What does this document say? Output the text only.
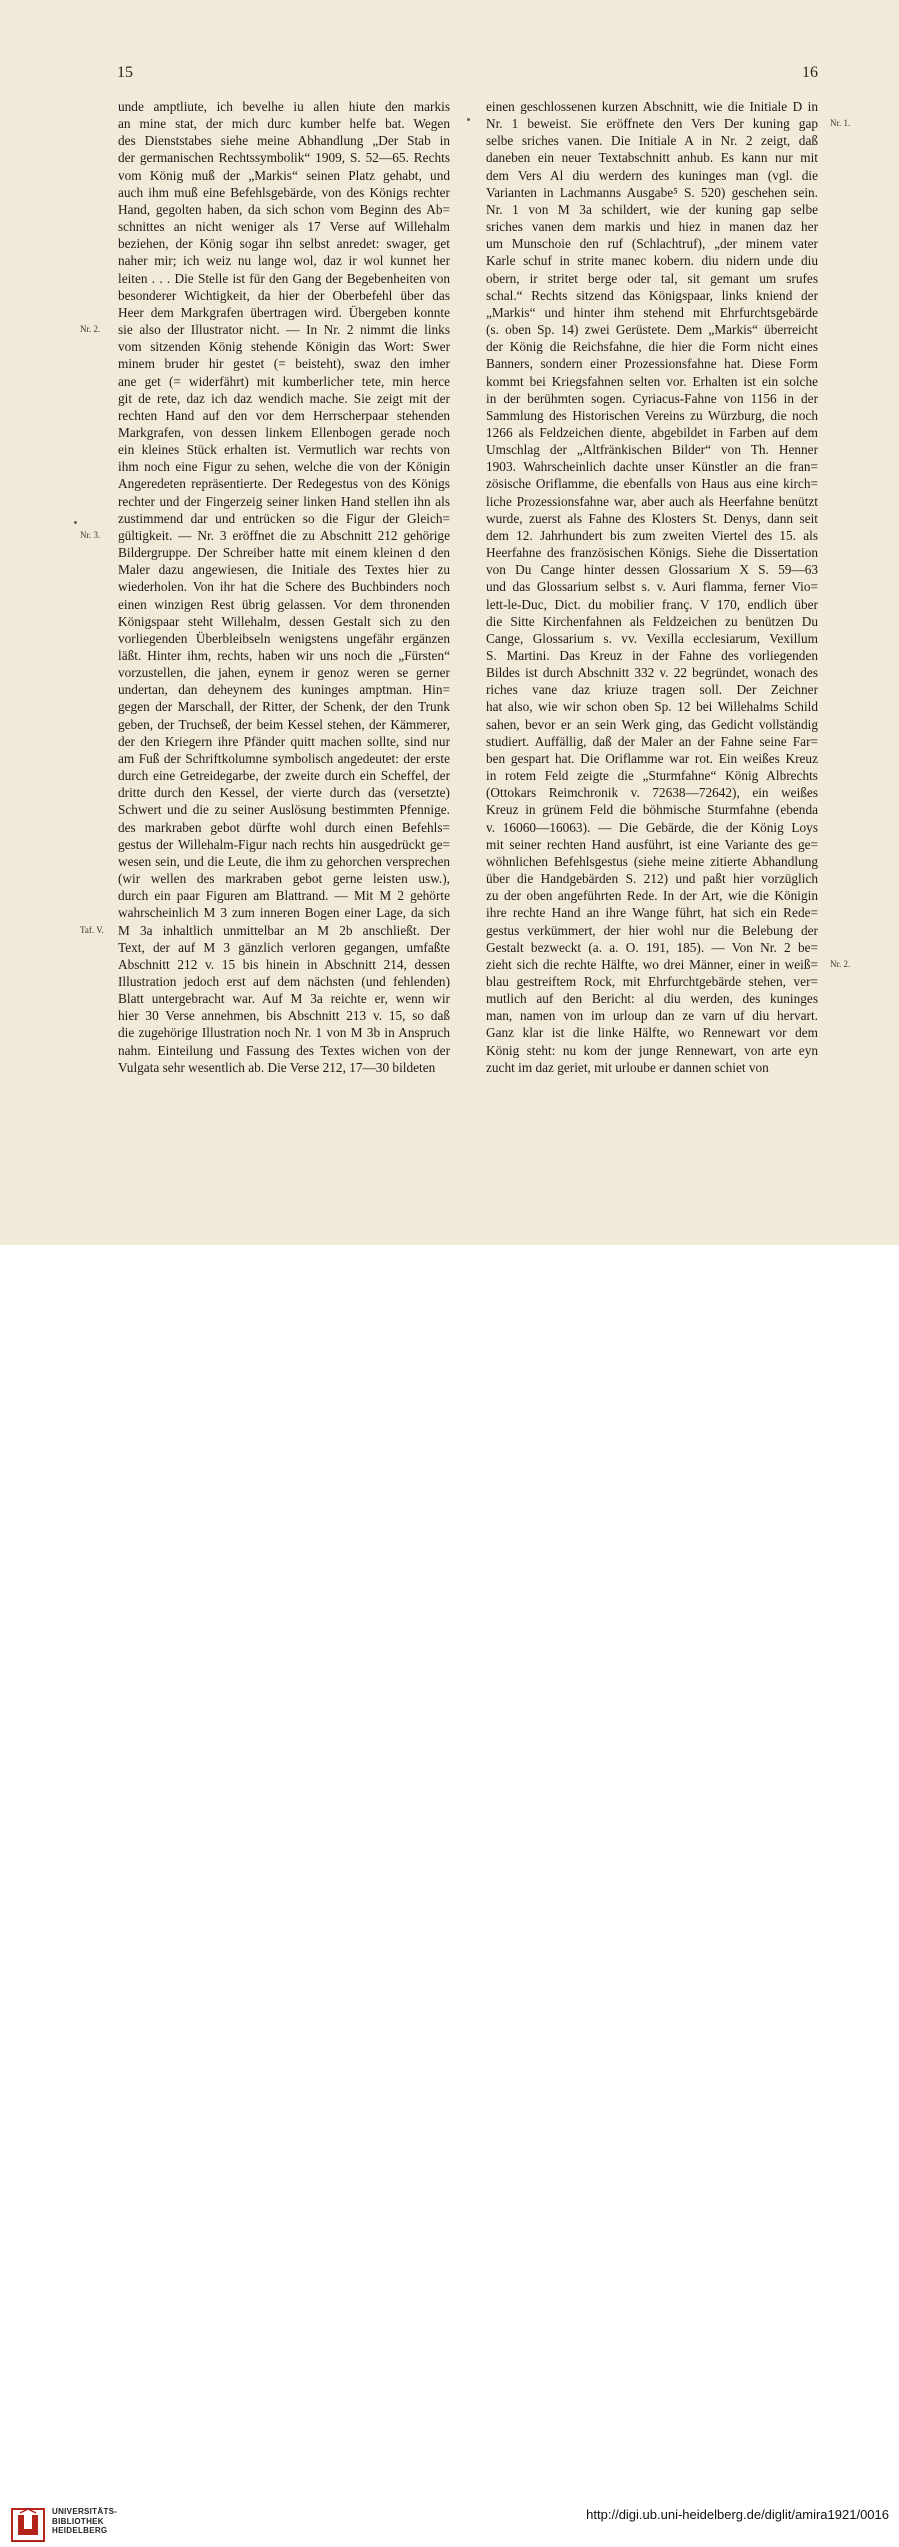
15	16
unde amptliute, ich bevelhe iu allen hiute den markis
an mine stat, der mich durc kumber helfe bat. Wegen
des Dienststabes siehe meine Abhandlung „Der Stab in
der germanischen Rechtssymbolik“ 1909, S. 52—65. Rechts
vom König muß der „Markis“ seinen Platz gehabt, und
auch ihm muß eine Befehlsgebärde, von des Königs rechter
Hand, gegolten haben, da sich schon vom Beginn des Ab=
schnittes an nicht weniger als 17 Verse auf Willehalm
beziehen, der König sogar ihn selbst anredet: swager, get
naher mir; ich weiz nu lange wol, daz ir wol kunnet her
leiten . . . Die Stelle ist für den Gang der Begebenheiten von
besonderer Wichtigkeit, da hier der Oberbefehl über das
Heer dem Markgrafen übertragen wird. Übergeben konnte
sie also der Illustrator nicht. — In Nr. 2 nimmt die links
vom sitzenden König stehende Königin das Wort: Swer
minem bruder hir gestet (= beisteht), swaz den imher
ane get (= widerfährt) mit kumberlicher tete, min herce
git de rete, daz ich daz wendich mache. Sie zeigt mit der
rechten Hand auf den vor dem Herrscherpaar stehenden
Markgrafen, von dessen linkem Ellenbogen gerade noch
ein kleines Stück erhalten ist. Vermutlich war rechts von
ihm noch eine Figur zu sehen, welche die von der Königin
Angeredeten repräsentierte. Der Redegestus von des Königs
rechter und der Fingerzeig seiner linken Hand stellen ihn als
zustimmend dar und entrücken so die Figur der Gleich=
gültigkeit. — Nr. 3 eröffnet die zu Abschnitt 212 gehörige
Bildergruppe. Der Schreiber hatte mit einem kleinen d den
Maler dazu angewiesen, die Initiale des Textes hier zu
wiederholen. Von ihr hat die Schere des Buchbinders noch
einen winzigen Rest übrig gelassen. Vor dem thronenden
Königspaar steht Willehalm, dessen Gestalt sich zu den
vorliegenden Überbleibseln wenigstens ungefähr ergänzen
läßt. Hinter ihm, rechts, haben wir uns noch die „Fürsten“
vorzustellen, die jahen, eynem ir genoz weren se gerner
undertan, dan deheynem des kuninges amptman. Hin=
gegen der Marschall, der Ritter, der Schenk, der den Trunk
geben, der Truchseß, der beim Kessel stehen, der Kämmerer,
der den Kriegern ihre Pfänder quitt machen sollte, sind nur
am Fuß der Schriftkolumne symbolisch angedeutet: der erste
durch eine Getreidegarbe, der zweite durch ein Scheffel, der
dritte durch den Kessel, der vierte durch das (versetzte)
Schwert und die zu seiner Auslösung bestimmten Pfennige.
des markraben gebot dürfte wohl durch einen Befehls=
gestus der Willehalm-Figur nach rechts hin ausgedrückt ge=
wesen sein, und die Leute, die ihm zu gehorchen versprechen
(wir wellen des markraben gebot gerne leisten usw.),
durch ein paar Figuren am Blattrand. — Mit M 2 gehörte
wahrscheinlich M 3 zum inneren Bogen einer Lage, da sich
M 3a inhaltlich unmittelbar an M 2b anschließt. Der
Text, der auf M 3 gänzlich verloren gegangen, umfaßte
Abschnitt 212 v. 15 bis hinein in Abschnitt 214, dessen
Illustration jedoch erst auf dem nächsten (und fehlenden)
Blatt untergebracht war. Auf M 3a reichte er, wenn wir
hier 30 Verse annehmen, bis Abschnitt 213 v. 15, so daß
die zugehörige Illustration noch Nr. 1 von M 3b in Anspruch
nahm. Einteilung und Fassung des Textes wichen von der
Vulgata sehr wesentlich ab. Die Verse 212, 17—30 bildeten
einen geschlossenen kurzen Abschnitt, wie die Initiale D in
Nr. 1 beweist. Sie eröffnete den Vers Der kuning gap
selbe sriches vanen. Die Initiale A in Nr. 2 zeigt, daß
daneben ein neuer Textabschnitt anhub. Es kann nur mit
dem Vers Al diu werdern des kuninges man (vgl. die
Varianten in Lachmanns Ausgabe⁵ S. 520) geschehen sein.
Nr. 1 von M 3a schildert, wie der kuning gap selbe
sriches vanen dem markis und hiez in manen daz her
um Munschoie den ruf (Schlachtruf), „der minem vater
Karle schuf in strite manec kobern. diu nidern unde diu
obern, ir stritet berge oder tal, sit gemant um srufes
schal.“ Rechts sitzend das Königspaar, links kniend der
„Markis“ und hinter ihm stehend mit Ehrfurchtsgebärde
(s. oben Sp. 14) zwei Gerüstete. Dem „Markis“ überreicht
der König die Reichsfahne, die hier die Form nicht eines
Banners, sondern einer Prozessionsfahne hat. Diese Form
kommt bei Kriegsfahnen selten vor. Erhalten ist ein solche
in der berühmten sogen. Cyriacus-Fahne von 1156 in der
Sammlung des Historischen Vereins zu Würzburg, die noch
1266 als Feldzeichen diente, abgebildet in Farben auf dem
Umschlag der „Altfränkischen Bilder“ von Th. Henner
1903. Wahrscheinlich dachte unser Künstler an die fran=
zösische Oriflamme, die ebenfalls von Haus aus eine kirch=
liche Prozessionsfahne war, aber auch als Heerfahne benützt
wurde, zuerst als Fahne des Klosters St. Denys, dann seit
dem 12. Jahrhundert bis zum zweiten Viertel des 15. als
Heerfahne des französischen Königs. Siehe die Dissertation
von Du Cange hinter dessen Glossarium X S. 59—63
und das Glossarium selbst s. v. Auri flamma, ferner Vio=
lett-le-Duc, Dict. du mobilier franç. V 170, endlich über
die Sitte Kirchenfahnen als Feldzeichen zu benützen Du
Cange, Glossarium s. vv. Vexilla ecclesiarum, Vexillum
S. Martini. Das Kreuz in der Fahne des vorliegenden
Bildes ist durch Abschnitt 332 v. 22 begründet, wonach des
riches vane daz kriuze tragen soll. Der Zeichner
hat also, wie wir schon oben Sp. 12 bei Willehalms Schild
sahen, bevor er an sein Werk ging, das Gedicht vollständig
studiert. Auffällig, daß der Maler an der Fahne seine Far=
ben gespart hat. Die Oriflamme war rot. Ein weißes Kreuz
in rotem Feld zeigte die „Sturmfahne“ König Albrechts
(Ottokars Reimchronik v. 72638—72642), ein weißes
Kreuz in grünem Feld die böhmische Sturmfahne (ebenda
v. 16060—16063). — Die Gebärde, die der König Loys
mit seiner rechten Hand ausführt, ist eine Variante des ge=
wöhnlichen Befehlsgestus (siehe meine zitierte Abhandlung
über die Handgebärden S. 212) und paßt hier vorzüglich
zu der oben angeführten Rede. In der Art, wie die Königin
ihre rechte Hand an ihre Wange führt, hat sich ein Rede=
gestus verkümmert, der hier wohl nur die Belebung der
Gestalt bezweckt (a. a. O. 191, 185). — Von Nr. 2 be=
zieht sich die rechte Hälfte, wo drei Männer, einer in weiß=
blau gestreiftem Rock, mit Ehrfurchtgebärde stehen, ver=
mutlich auf den Bericht: al diu werden, des kuninges
man, namen von im urloup dan ze varn uf diu hervart.
Ganz klar ist die linke Hälfte, wo Rennewart vor dem
König steht: nu kom der junge Rennewart, von arte eyn
zucht im daz geriet, mit urloube er dannen schiet von
Nr. 2.
Nr. 3.
Taf. V.
Nr. 1.
Nr. 2.
UNIVERSITÄTS-
BIBLIOTHEK
HEIDELBERG
http://digi.ub.uni-heidelberg.de/diglit/amira1921/0016
